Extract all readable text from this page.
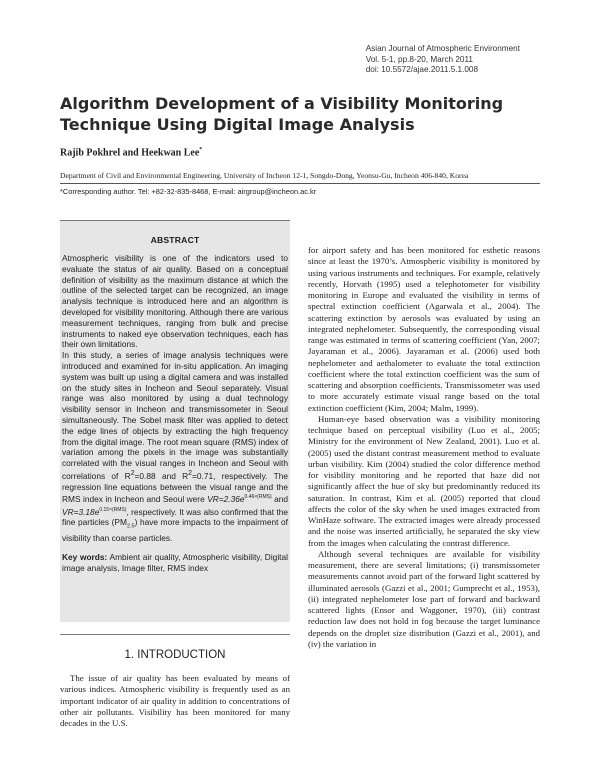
Asian Journal of Atmospheric Environment
Vol. 5-1, pp.8-20, March 2011
doi: 10.5572/ajae.2011.5.1.008
Algorithm Development of a Visibility Monitoring
Technique Using Digital Image Analysis
Rajib Pokhrel and Heekwan Lee*
Department of Civil and Environmental Engineering, University of Incheon 12-1, Songdo-Dong, Yeonsu-Gu, Incheon 406-840, Korea
*Corresponding author. Tel: +82-32-835-8468, E-mail: airgroup@incheon.ac.kr
ABSTRACT

Atmospheric visibility is one of the indicators used to evaluate the status of air quality. Based on a conceptual definition of visibility as the maximum distance at which the outline of the selected target can be recognized, an image analysis technique is introduced here and an algorithm is developed for visibility monitoring. Although there are various measurement techniques, ranging from bulk and precise instruments to naked eye observation techniques, each has their own limitations.

In this study, a series of image analysis techniques were introduced and examined for in-situ application. An imaging system was built up using a digital camera and was installed on the study sites in Incheon and Seoul separately. Visual range was also monitored by using a dual technology visibility sensor in Incheon and transmissometer in Seoul simultaneously. The Sobel mask filter was applied to detect the edge lines of objects by extracting the high frequency from the digital image. The root mean square (RMS) index of variation among the pixels in the image was substantially correlated with the visual ranges in Incheon and Seoul with correlations of $R^2=0.88$ and $R^2=0.71$, respectively. The regression line equations between the visual range and the RMS index in Incheon and Seoul were $VR=2.36e^{0.46\times(RMS)}$ and $VR=3.18e^{0.15\times(RMS)}$, respectively. It was also confirmed that the fine particles $(PM_{2.5})$ have more impacts to the impairment of visibility than coarse particles.

Key words: Ambient air quality, Atmospheric visibility, Digital image analysis, Image filter, RMS index

1. INTRODUCTION

The issue of air quality has been evaluated by means of various indices. Atmospheric visibility is frequently used as an important indicator of air quality in addition to concentrations of other air pollutants. Visibility has been monitored for many decades in the U.S.

for airport safety and has been monitored for esthetic reasons since at least the 1970’s. Atmospheric visibility is monitored by using various instruments and techniques. For example, relatively recently, Horvath (1995) used a telephotometer for visibility monitoring in Europe and evaluated the visibility in terms of spectral extinction coefficient (Agarwala et al., 2004). The scattering extinction by aerosols was evaluated by using an integrated nephelometer. Subsequently, the corresponding visual range was estimated in terms of scattering coefficient (Yan, 2007; Jayaraman et al., 2006). Jayaraman et al. (2006) used both nephelometer and aethalometer to evaluate the total extinction coefficient where the total extinction coefficient was the sum of scattering and absorption coefficients. Transmissometer was used to more accurately estimate visual range based on the total extinction coefficient (Kim, 2004; Malm, 1999).

Human-eye based observation was a visibility monitoring technique based on perceptual visibility (Luo et al., 2005; Ministry for the environment of New Zealand, 2001). Luo et al. (2005) used the distant contrast measurement method to evaluate urban visibility. Kim (2004) studied the color difference method for visibility monitoring and he reported that haze did not significantly affect the hue of sky but predominantly reduced its saturation. In contrast, Kim et al. (2005) reported that cloud affects the color of the sky when he used images extracted from WinHaze software. The extracted images were already processed and the noise was inserted artificially, he separated the sky view from the images when calculating the contrast difference.

Although several techniques are available for visibility measurement, there are several limitations; (i) transmissometer measurements cannot avoid part of the forward light scattered by illuminated aerosols (Gazzi et al., 2001; Gumprecht et al., 1953), (ii) integrated nephelometer lose part of forward and backward scattered lights (Ensor and Waggoner, 1970), (iii) contrast reduction law does not hold in fog because the target luminance depends on the droplet size distribution (Gazzi et al., 2001), and (iv) the variation in
